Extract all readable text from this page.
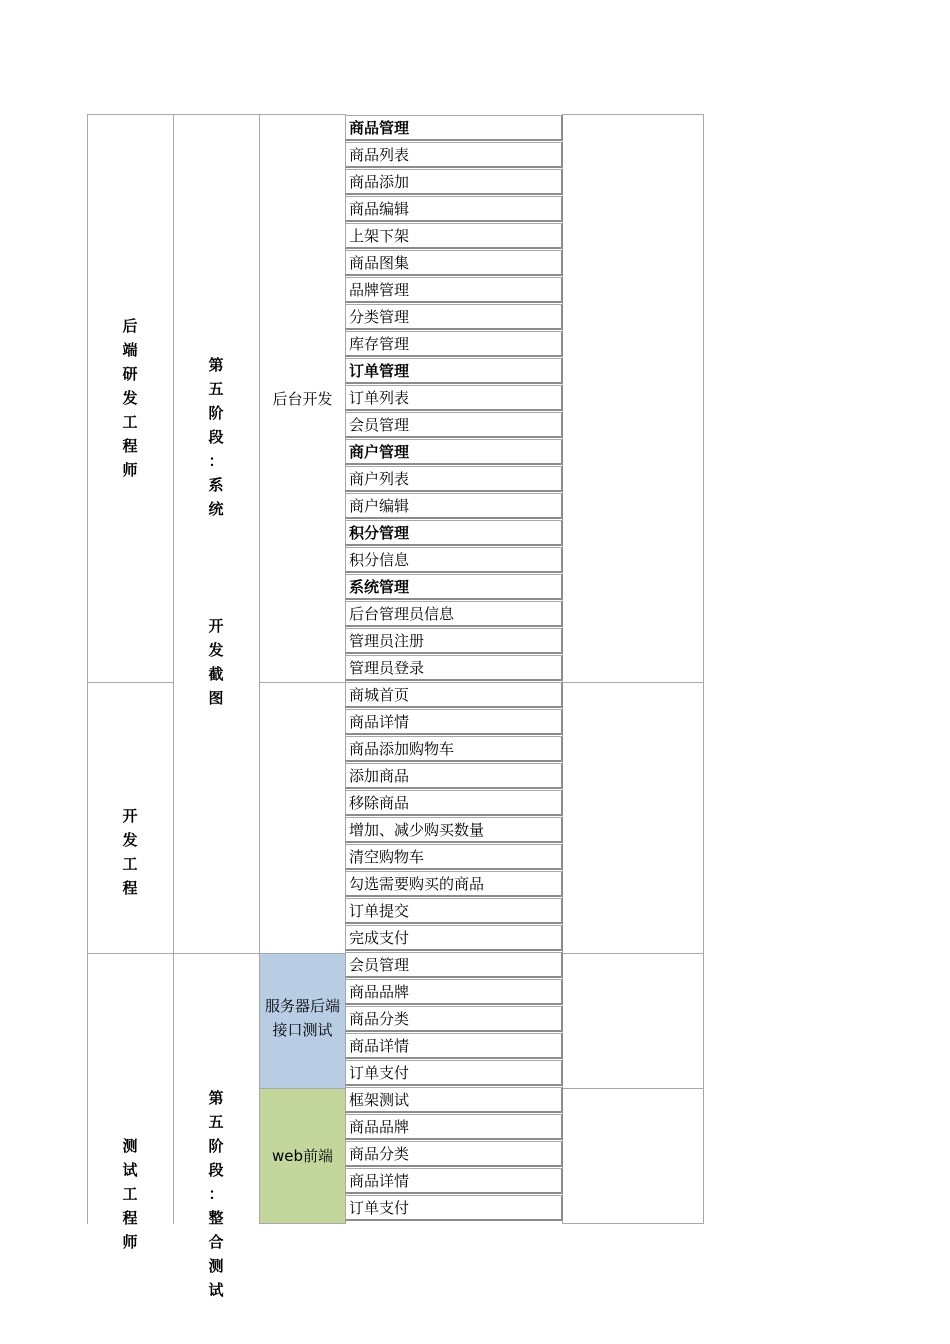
后台开发
服务器后端接口测试
web前端
后
端
研
发
工
程
师
开
发
工
程
测
试
工
程
师
第
五
阶
段
：
系
统
开
发
截
图
第
五
阶
段
：
整
合
测
试
商品管理
商品列表
商品添加
商品编辑
上架下架
商品图集
品牌管理
分类管理
库存管理
订单管理
订单列表
会员管理
商户管理
商户列表
商户编辑
积分管理
积分信息
系统管理
后台管理员信息
管理员注册
管理员登录
商城首页
商品详情
商品添加购物车
添加商品
移除商品
增加、减少购买数量
清空购物车
勾选需要购买的商品
订单提交
完成支付
会员管理
商品品牌
商品分类
商品详情
订单支付
框架测试
商品品牌
商品分类
商品详情
订单支付
